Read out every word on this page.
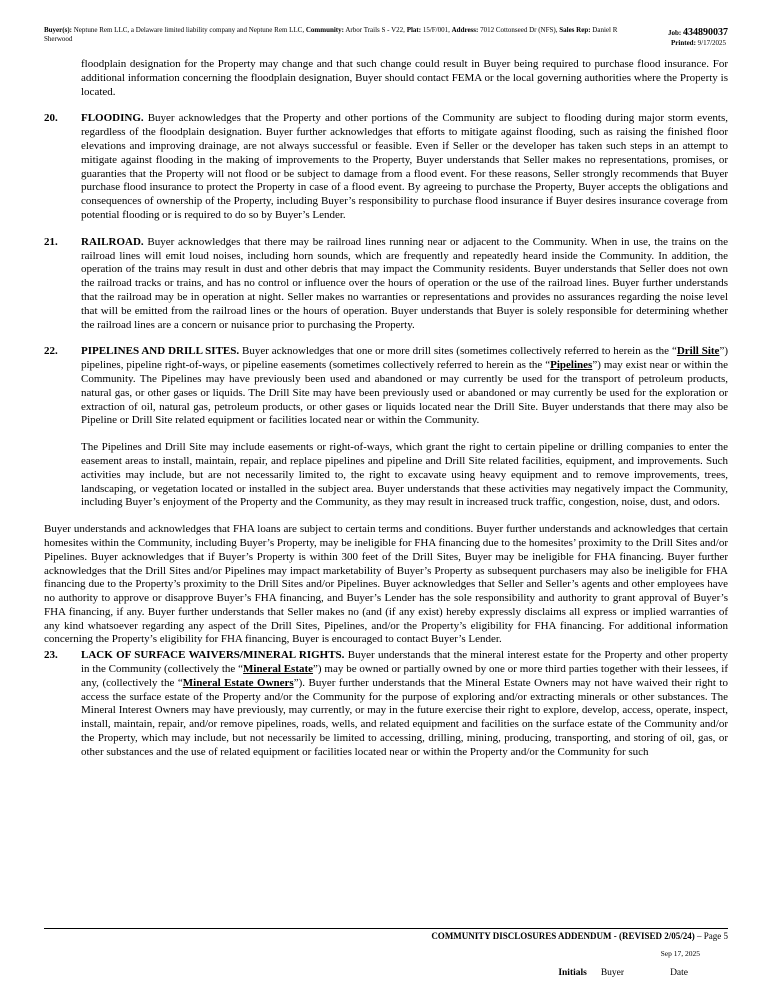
Buyer(s): Neptune Rem LLC, a Delaware limited liability company and Neptune Rem LLC, Community: Arbor Trails S - V22, Plat: 15/F/001, Address: 7012 Cottonseed Dr (NFS), Sales Rep: Daniel R Sherwood
Job: 434890037
Printed: 9/17/2025

floodplain designation for the Property may change and that such change could result in Buyer being required to purchase flood insurance. For additional information concerning the floodplain designation, Buyer should contact FEMA or the local governing authorities where the Property is located.

20.	FLOODING. Buyer acknowledges that the Property and other portions of the Community are subject to flooding during major storm events, regardless of the floodplain designation. Buyer further acknowledges that efforts to mitigate against flooding, such as raising the finished floor elevations and improving drainage, are not always successful or feasible. Even if Seller or the developer has taken such steps in an attempt to mitigate against flooding in the making of improvements to the Property, Buyer understands that Seller makes no representations, promises, or guaranties that the Property will not flood or be subject to damage from a flood event. For these reasons, Seller strongly recommends that Buyer purchase flood insurance to protect the Property in case of a flood event. By agreeing to purchase the Property, Buyer accepts the obligations and consequences of ownership of the Property, including Buyer’s responsibility to purchase flood insurance if Buyer desires insurance coverage from potential flooding or is required to do so by Buyer’s Lender.

21.	RAILROAD. Buyer acknowledges that there may be railroad lines running near or adjacent to the Community. When in use, the trains on the railroad lines will emit loud noises, including horn sounds, which are frequently and repeatedly heard inside the Community. In addition, the operation of the trains may result in dust and other debris that may impact the Community residents. Buyer understands that Seller does not own the railroad tracks or trains, and has no control or influence over the hours of operation or the use of the railroad lines. Buyer further understands that the railroad may be in operation at night. Seller makes no warranties or representations and provides no assurances regarding the noise level that will be emitted from the railroad lines or the hours of operation. Buyer understands that Buyer is solely responsible for determining whether the railroad lines are a concern or nuisance prior to purchasing the Property.

22.	PIPELINES AND DRILL SITES. Buyer acknowledges that one or more drill sites (sometimes collectively referred to herein as the “Drill Site”) pipelines, pipeline right-of-ways, or pipeline easements (sometimes collectively referred to herein as the “Pipelines”) may exist near or within the Community. The Pipelines may have previously been used and abandoned or may currently be used for the transport of petroleum products, natural gas, or other gases or liquids. The Drill Site may have been previously used or abandoned or may currently be used for the exploration or extraction of oil, natural gas, petroleum products, or other gases or liquids located near the Drill Site. Buyer understands that there may also be Pipeline or Drill Site related equipment or facilities located near or within the Community.

The Pipelines and Drill Site may include easements or right-of-ways, which grant the right to certain pipeline or drilling companies to enter the easement areas to install, maintain, repair, and replace pipelines and pipeline and Drill Site related facilities, equipment, and improvements. Such activities may include, but are not necessarily limited to, the right to excavate using heavy equipment and to remove improvements, trees, landscaping, or vegetation located or installed in the subject area. Buyer understands that these activities may negatively impact the Community, including Buyer’s enjoyment of the Property and the Community, as they may result in increased truck traffic, congestion, noise, dust, and odors.

Buyer understands and acknowledges that FHA loans are subject to certain terms and conditions. Buyer further understands and acknowledges that certain homesites within the Community, including Buyer’s Property, may be ineligible for FHA financing due to the homesites’ proximity to the Drill Sites and/or Pipelines. Buyer acknowledges that if Buyer’s Property is within 300 feet of the Drill Sites, Buyer may be ineligible for FHA financing. Buyer further acknowledges that the Drill Sites and/or Pipelines may impact marketability of Buyer’s Property as subsequent purchasers may also be ineligible for FHA financing due to the Property’s proximity to the Drill Sites and/or Pipelines. Buyer acknowledges that Seller and Seller’s agents and other employees have no authority to approve or disapprove Buyer’s FHA financing, and Buyer’s Lender has the sole responsibility and authority to grant approval of Buyer’s FHA financing, if any. Buyer further understands that Seller makes no (and (if any exist) hereby expressly disclaims all express or implied warranties of any kind whatsoever regarding any aspect of the Drill Sites, Pipelines, and/or the Property’s eligibility for FHA financing. For additional information concerning the Property’s eligibility for FHA financing, Buyer is encouraged to contact Buyer’s Lender.

23.	LACK OF SURFACE WAIVERS/MINERAL RIGHTS. Buyer understands that the mineral interest estate for the Property and other property in the Community (collectively the “Mineral Estate”) may be owned or partially owned by one or more third parties together with their lessees, if any, (collectively the “Mineral Estate Owners”). Buyer further understands that the Mineral Estate Owners may not have waived their right to access the surface estate of the Property and/or the Community for the purpose of exploring and/or extracting minerals or other substances. The Mineral Interest Owners may have previously, may currently, or may in the future exercise their right to explore, develop, access, operate, inspect, install, maintain, repair, and/or remove pipelines, roads, wells, and related equipment and facilities on the surface estate of the Community and/or the Property, which may include, but not necessarily be limited to accessing, drilling, mining, producing, transporting, and storing of oil, gas, or other substances and the use of related equipment or facilities located near or within the Property and/or the Community for such

COMMUNITY DISCLOSURES ADDENDUM - (REVISED 2/05/24) – Page 5
Sep 17, 2025
Initials Buyer	Date
